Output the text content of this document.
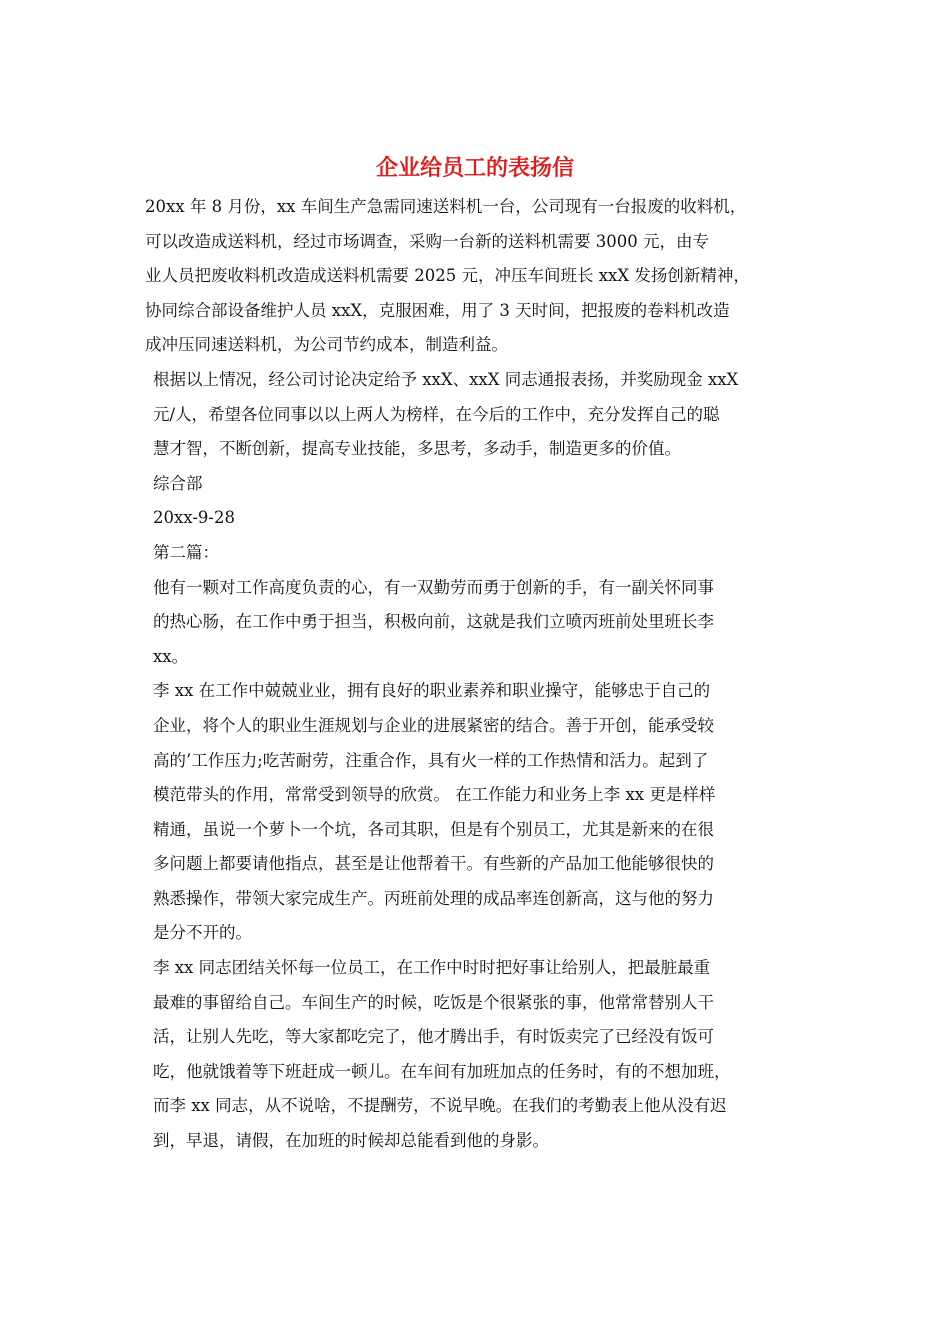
企业给员工的表扬信
20xx 年 8 月份，xx 车间生产急需同速送料机一台，公司现有一台报废的收料机，
可以改造成送料机，经过市场调查，采购一台新的送料机需要 3000 元，由专
业人员把废收料机改造成送料机需要 2025 元，冲压车间班长 xxX 发扬创新精神，
协同综合部设备维护人员 xxX，克服困难，用了 3 天时间，把报废的卷料机改造
成冲压同速送料机，为公司节约成本，制造利益。
根据以上情况，经公司讨论决定给予 xxX、xxX 同志通报表扬，并奖励现金 xxX
元/人，希望各位同事以以上两人为榜样，在今后的工作中，充分发挥自己的聪
慧才智，不断创新，提高专业技能，多思考，多动手，制造更多的价值。
综合部
20xx-9-28
第二篇：
他有一颗对工作高度负责的心，有一双勤劳而勇于创新的手，有一副关怀同事
的热心肠，在工作中勇于担当，积极向前，这就是我们立喷丙班前处里班长李
xx。
李 xx 在工作中兢兢业业，拥有良好的职业素养和职业操守，能够忠于自己的
企业，将个人的职业生涯规划与企业的进展紧密的结合。善于开创，能承受较
高的’工作压力;吃苦耐劳，注重合作，具有火一样的工作热情和活力。起到了
模范带头的作用，常常受到领导的欣赏。 在工作能力和业务上李 xx 更是样样
精通，虽说一个萝卜一个坑，各司其职，但是有个别员工，尤其是新来的在很
多问题上都要请他指点，甚至是让他帮着干。有些新的产品加工他能够很快的
熟悉操作，带领大家完成生产。丙班前处理的成品率连创新高，这与他的努力
是分不开的。
李 xx 同志团结关怀每一位员工，在工作中时时把好事让给别人，把最脏最重
最难的事留给自己。车间生产的时候，吃饭是个很紧张的事，他常常替别人干
活，让别人先吃，等大家都吃完了，他才腾出手，有时饭卖完了已经没有饭可
吃，他就饿着等下班赶成一顿儿。在车间有加班加点的任务时，有的不想加班，
而李 xx 同志，从不说啥，不提酬劳，不说早晚。在我们的考勤表上他从没有迟
到，早退，请假，在加班的时候却总能看到他的身影。
